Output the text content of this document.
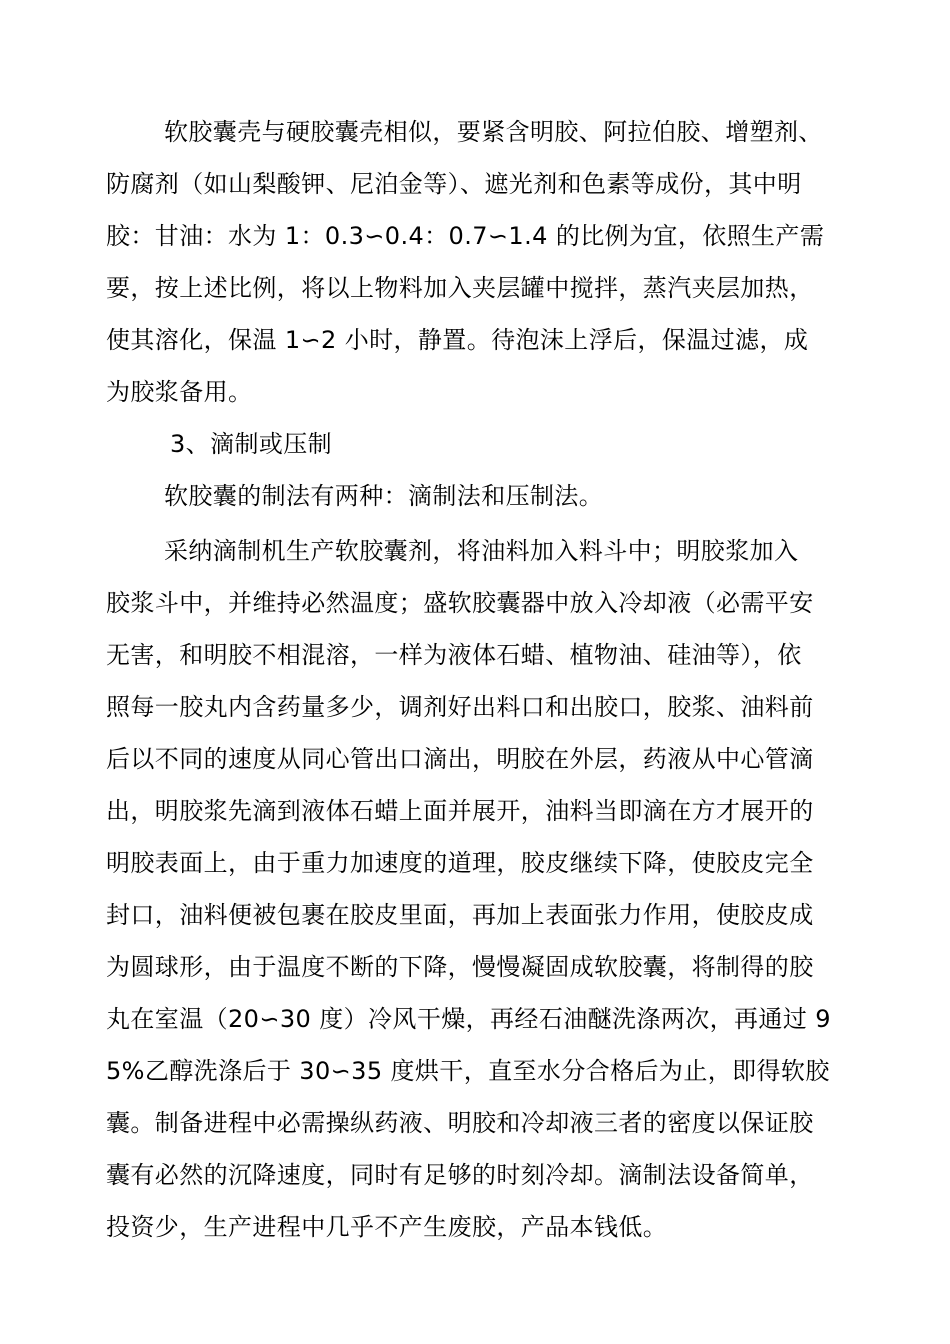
软胶囊壳与硬胶囊壳相似，要紧含明胶、阿拉伯胶、增塑剂、
防腐剂（如山梨酸钾、尼泊金等）、遮光剂和色素等成份，其中明
胶：甘油：水为 1：0.3∽0.4：0.7∽1.4 的比例为宜，依照生产需
要，按上述比例，将以上物料加入夹层罐中搅拌，蒸汽夹层加热，
使其溶化，保温 1∽2 小时，静置。待泡沫上浮后，保温过滤，成
为胶浆备用。
3、滴制或压制
软胶囊的制法有两种：滴制法和压制法。
采纳滴制机生产软胶囊剂，将油料加入料斗中；明胶浆加入
胶浆斗中，并维持必然温度；盛软胶囊器中放入冷却液（必需平安
无害，和明胶不相混溶，一样为液体石蜡、植物油、硅油等），依
照每一胶丸内含药量多少，调剂好出料口和出胶口，胶浆、油料前
后以不同的速度从同心管出口滴出，明胶在外层，药液从中心管滴
出，明胶浆先滴到液体石蜡上面并展开，油料当即滴在方才展开的
明胶表面上，由于重力加速度的道理，胶皮继续下降，使胶皮完全
封口，油料便被包裹在胶皮里面，再加上表面张力作用，使胶皮成
为圆球形，由于温度不断的下降，慢慢凝固成软胶囊，将制得的胶
丸在室温（20∽30 度）冷风干燥，再经石油醚洗涤两次，再通过 9
5%乙醇洗涤后于 30∽35 度烘干，直至水分合格后为止，即得软胶
囊。制备进程中必需操纵药液、明胶和冷却液三者的密度以保证胶
囊有必然的沉降速度，同时有足够的时刻冷却。滴制法设备简单，
投资少，生产进程中几乎不产生废胶，产品本钱低。
